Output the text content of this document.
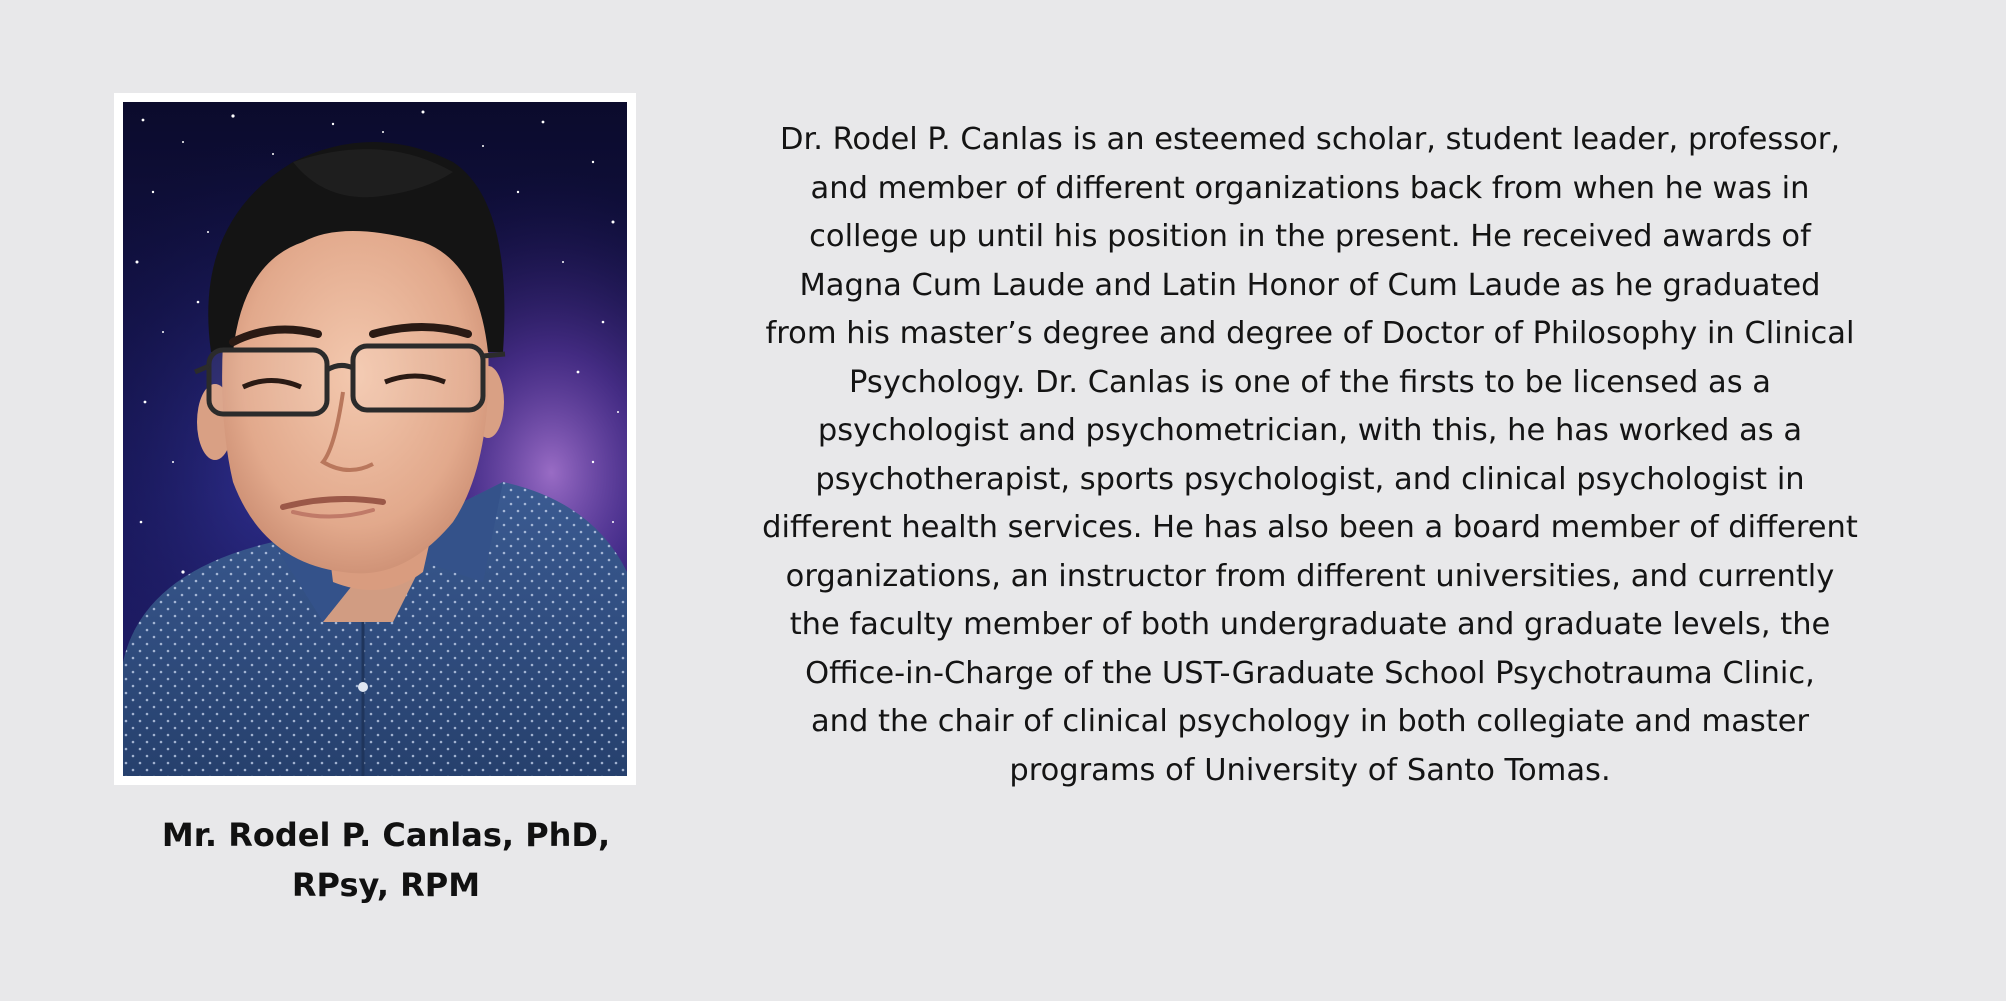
Mr. Rodel P. Canlas, PhD,
RPsy, RPM
Dr. Rodel P. Canlas is an esteemed scholar, student leader, professor,
and member of different organizations back from when he was in
college up until his position in the present. He received awards of
Magna Cum Laude and Latin Honor of Cum Laude as he graduated
from his master’s degree and degree of Doctor of Philosophy in Clinical
Psychology. Dr. Canlas is one of the firsts to be licensed as a
psychologist and psychometrician, with this, he has worked as a
psychotherapist, sports psychologist, and clinical psychologist in
different health services. He has also been a board member of different
organizations, an instructor from different universities, and currently
the faculty member of both undergraduate and graduate levels, the
Office-in-Charge of the UST-Graduate School Psychotrauma Clinic,
and the chair of clinical psychology in both collegiate and master
programs of University of Santo Tomas.
